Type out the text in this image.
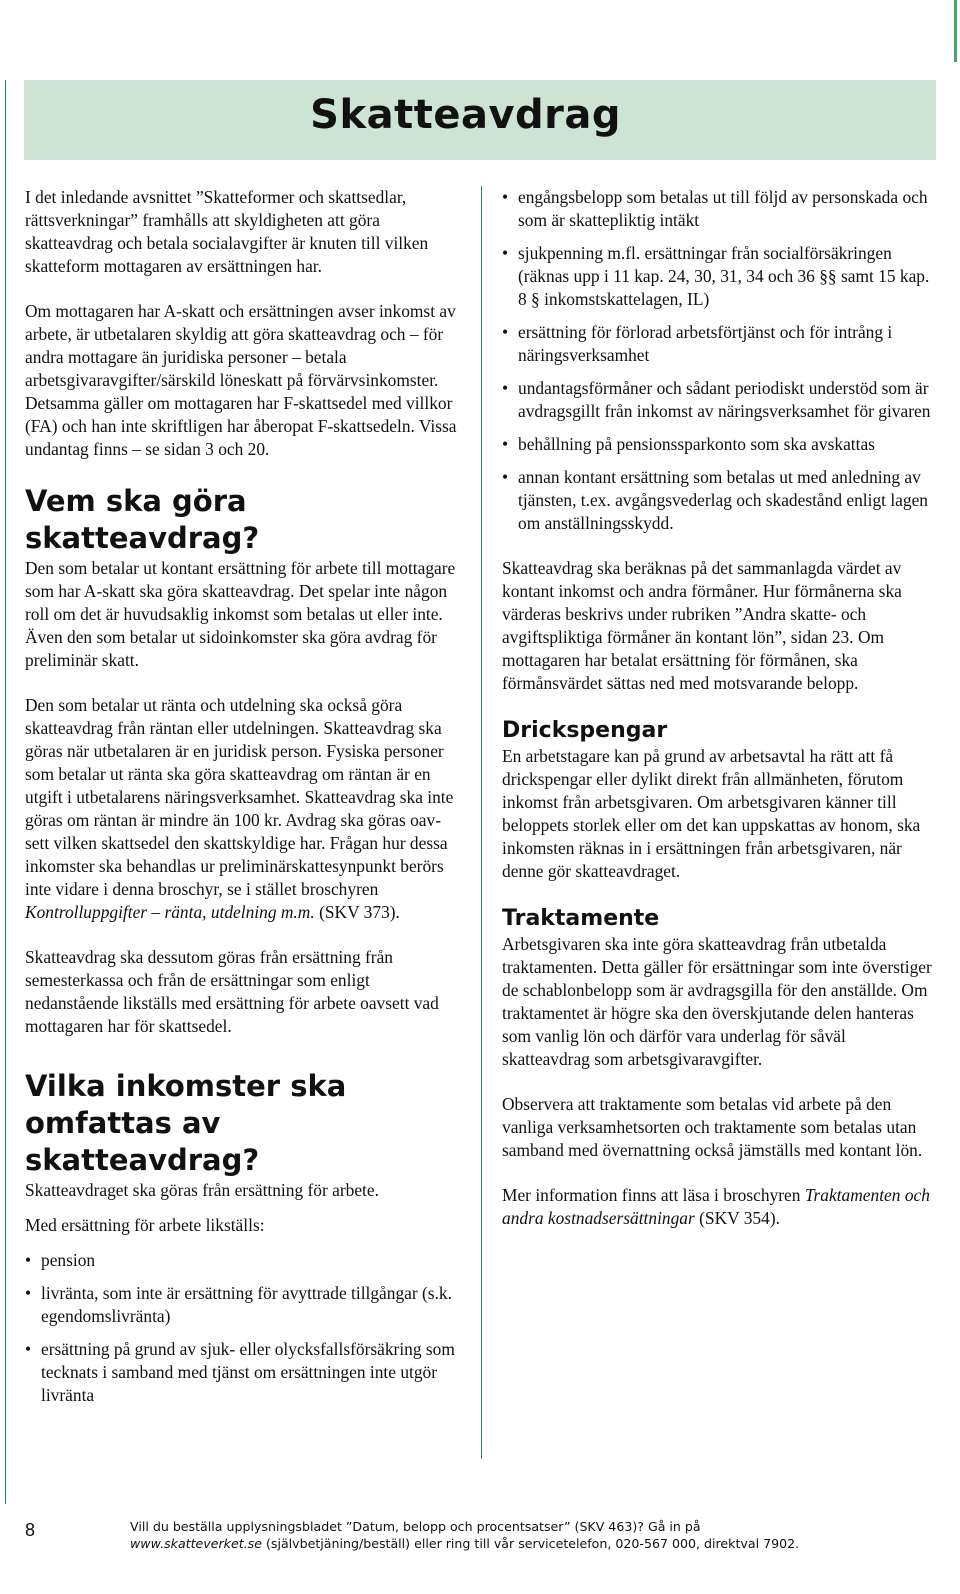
Skatteavdrag

I det inledande avsnittet ”Skatteformer och skattsedlar, rättsverkningar” framhålls att skyldigheten att göra skatteavdrag och betala socialavgifter är knuten till vilken skatteform mottagaren av ersättningen har.

Om mottagaren har A-skatt och ersättningen avser inkomst av arbete, är utbetalaren skyldig att göra skatteavdrag och – för andra mottagare än juridiska personer – betala arbetsgivaravgifter/särskild löneskatt på förvärvsinkomster. Detsamma gäller om mottagaren har F-skattsedel med villkor (FA) och han inte skriftligen har åberopat F-skattsedeln. Vissa undantag finns – se sidan 3 och 20.

Vem ska göra skatteavdrag?

Den som betalar ut kontant ersättning för arbete till mottagare som har A-skatt ska göra skatteavdrag. Det spelar inte någon roll om det är huvudsaklig inkomst som betalas ut eller inte. Även den som betalar ut sidoinkomster ska göra avdrag för preliminär skatt.

Den som betalar ut ränta och utdelning ska också göra skatteavdrag från räntan eller utdelningen. Skatteavdrag ska göras när utbetalaren är en juridisk person. Fysiska personer som betalar ut ränta ska göra skatteavdrag om räntan är en utgift i utbetalarens näringsverksamhet. Skatteavdrag ska inte göras om räntan är mindre än 100 kr. Avdrag ska göras oavsett vilken skattsedel den skattskyldige har. Frågan hur dessa inkomster ska behandlas ur preliminärskattesynpunkt berörs inte vidare i denna broschyr, se i stället broschyren Kontrolluppgifter – ränta, utdelning m.m. (SKV 373).

Skatteavdrag ska dessutom göras från ersättning från semesterkassa och från de ersättningar som enligt nedanstående likställs med ersättning för arbete oavsett vad mottagaren har för skattsedel.

Vilka inkomster ska omfattas av skatteavdrag?

Skatteavdraget ska göras från ersättning för arbete.

Med ersättning för arbete likställs:

• pension
• livränta, som inte är ersättning för avyttrade tillgångar (s.k. egendomslivränta)
• ersättning på grund av sjuk- eller olycksfallsförsäkring som tecknats i samband med tjänst om ersättningen inte utgör livränta
• engångsbelopp som betalas ut till följd av personskada och som är skattepliktig intäkt
• sjukpenning m.fl. ersättningar från socialförsäkringen (räknas upp i 11 kap. 24, 30, 31, 34 och 36 §§ samt 15 kap. 8 § inkomstskattelagen, IL)
• ersättning för förlorad arbetsförtjänst och för intrång i näringsverksamhet
• undantagsförmåner och sådant periodiskt understöd som är avdragsgillt från inkomst av näringsverksamhet för givaren
• behållning på pensionssparkonto som ska avskattas
• annan kontant ersättning som betalas ut med anledning av tjänsten, t.ex. avgångsvederlag och skadestånd enligt lagen om anställningsskydd.

Skatteavdrag ska beräknas på det sammanlagda värdet av kontant inkomst och andra förmåner. Hur förmånerna ska värderas beskrivs under rubriken ”Andra skatte- och avgiftspliktiga förmåner än kontant lön”, sidan 23. Om mottagaren har betalat ersättning för förmånen, ska förmånsvärdet sättas ned med motsvarande belopp.

Drickspengar

En arbetstagare kan på grund av arbetsavtal ha rätt att få drickspengar eller dylikt direkt från allmänheten, förutom inkomst från arbetsgivaren. Om arbetsgivaren känner till beloppets storlek eller om det kan uppskattas av honom, ska inkomsten räknas in i ersättningen från arbetsgivaren, när denne gör skatteavdraget.

Traktamente

Arbetsgivaren ska inte göra skatteavdrag från utbetalda traktamenten. Detta gäller för ersättningar som inte överstiger de schablonbelopp som är avdragsgilla för den anställde. Om traktamentet är högre ska den överskjutande delen hanteras som vanlig lön och därför vara underlag för såväl skatteavdrag som arbetsgivaravgifter.

Observera att traktamente som betalas vid arbete på den vanliga verksamhetsorten och traktamente som betalas utan samband med övernattning också jämställs med kontant lön.

Mer information finns att läsa i broschyren Traktamenten och andra kostnadsersättningar (SKV 354).

8	Vill du beställa upplysningsbladet ”Datum, belopp och procentsatser” (SKV 463)? Gå in på
www.skatteverket.se (självbetjäning/beställ) eller ring till vår servicetelefon, 020-567 000, direktval 7902.
